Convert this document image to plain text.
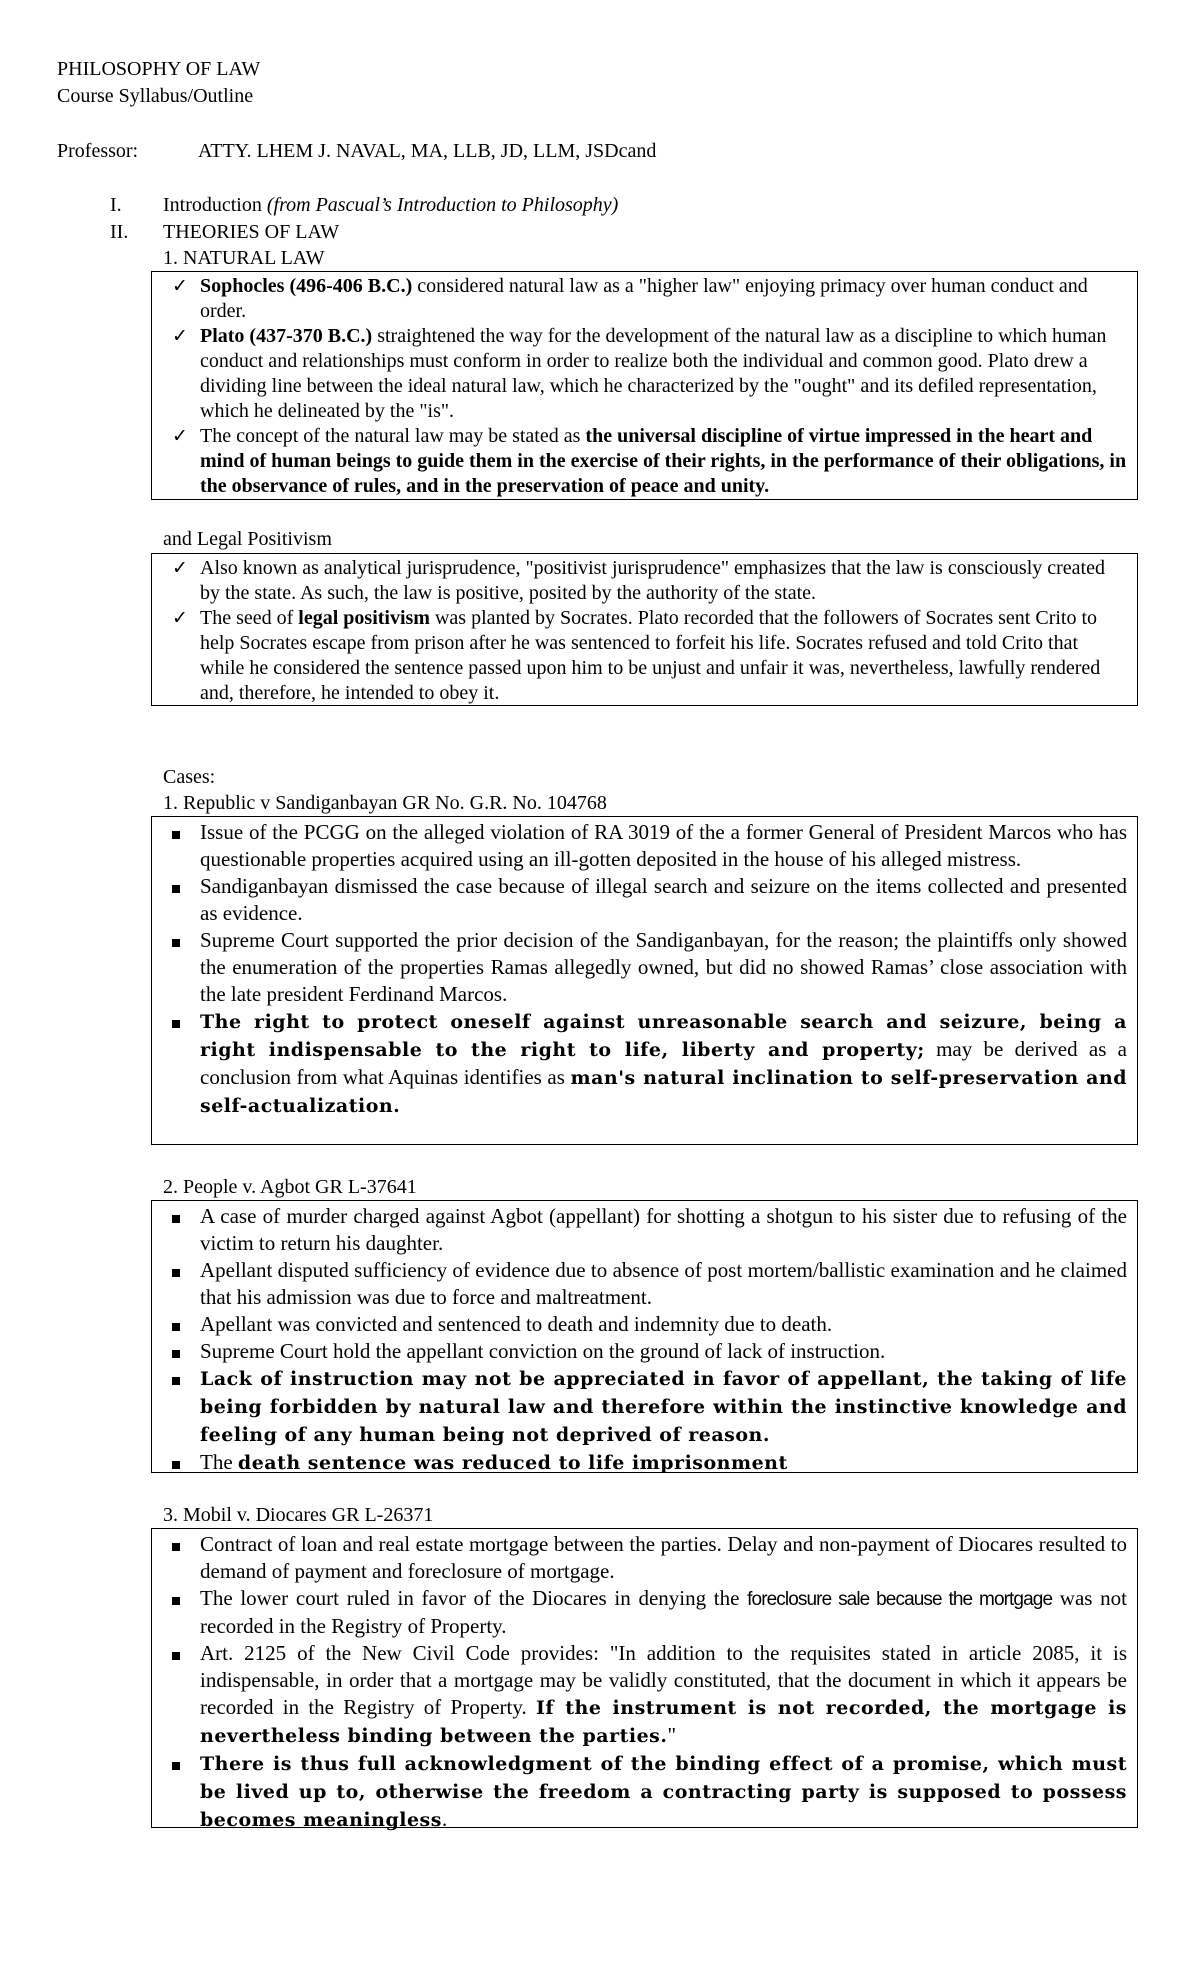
PHILOSOPHY OF LAW
Course Syllabus/Outline
Professor:	ATTY. LHEM J. NAVAL, MA, LLB, JD, LLM, JSDcand
I. Introduction (from Pascual’s Introduction to Philosophy)
II. THEORIES OF LAW
1. NATURAL LAW
✓ Sophocles (496-406 B.C.) considered natural law as a "higher law" enjoying primacy over human conduct and order.
✓ Plato (437-370 B.C.) straightened the way for the development of the natural law as a discipline to which human conduct and relationships must conform in order to realize both the individual and common good. Plato drew a dividing line between the ideal natural law, which he characterized by the "ought" and its defiled representation, which he delineated by the "is".
✓ The concept of the natural law may be stated as the universal discipline of virtue impressed in the heart and mind of human beings to guide them in the exercise of their rights, in the performance of their obligations, in the observance of rules, and in the preservation of peace and unity.
and Legal Positivism
✓ Also known as analytical jurisprudence, "positivist jurisprudence" emphasizes that the law is consciously created by the state. As such, the law is positive, posited by the authority of the state.
✓ The seed of legal positivism was planted by Socrates. Plato recorded that the followers of Socrates sent Crito to help Socrates escape from prison after he was sentenced to forfeit his life. Socrates refused and told Crito that while he considered the sentence passed upon him to be unjust and unfair it was, nevertheless, lawfully rendered and, therefore, he intended to obey it.
Cases:
1. Republic v Sandiganbayan GR No. G.R. No. 104768
Issue of the PCGG on the alleged violation of RA 3019 of the a former General of President Marcos who has questionable properties acquired using an ill-gotten deposited in the house of his alleged mistress.
Sandiganbayan dismissed the case because of illegal search and seizure on the items collected and presented as evidence.
Supreme Court supported the prior decision of the Sandiganbayan, for the reason; the plaintiffs only showed the enumeration of the properties Ramas allegedly owned, but did no showed Ramas’ close association with the late president Ferdinand Marcos.
The right to protect oneself against unreasonable search and seizure, being a right indispensable to the right to life, liberty and property; may be derived as a conclusion from what Aquinas identifies as man's natural inclination to self-preservation and self-actualization.
2. People v. Agbot GR L-37641
A case of murder charged against Agbot (appellant) for shotting a shotgun to his sister due to refusing of the victim to return his daughter.
Apellant disputed sufficiency of evidence due to absence of post mortem/ballistic examination and he claimed that his admission was due to force and maltreatment.
Apellant was convicted and sentenced to death and indemnity due to death.
Supreme Court hold the appellant conviction on the ground of lack of instruction.
Lack of instruction may not be appreciated in favor of appellant, the taking of life being forbidden by natural law and therefore within the instinctive knowledge and feeling of any human being not deprived of reason.
The death sentence was reduced to life imprisonment
3. Mobil v. Diocares GR L-26371
Contract of loan and real estate mortgage between the parties. Delay and non-payment of Diocares resulted to demand of payment and foreclosure of mortgage.
The lower court ruled in favor of the Diocares in denying the foreclosure sale because the mortgage was not recorded in the Registry of Property.
Art. 2125 of the New Civil Code provides: "In addition to the requisites stated in article 2085, it is indispensable, in order that a mortgage may be validly constituted, that the document in which it appears be recorded in the Registry of Property. If the instrument is not recorded, the mortgage is nevertheless binding between the parties."
There is thus full acknowledgment of the binding effect of a promise, which must be lived up to, otherwise the freedom a contracting party is supposed to possess becomes meaningless.
